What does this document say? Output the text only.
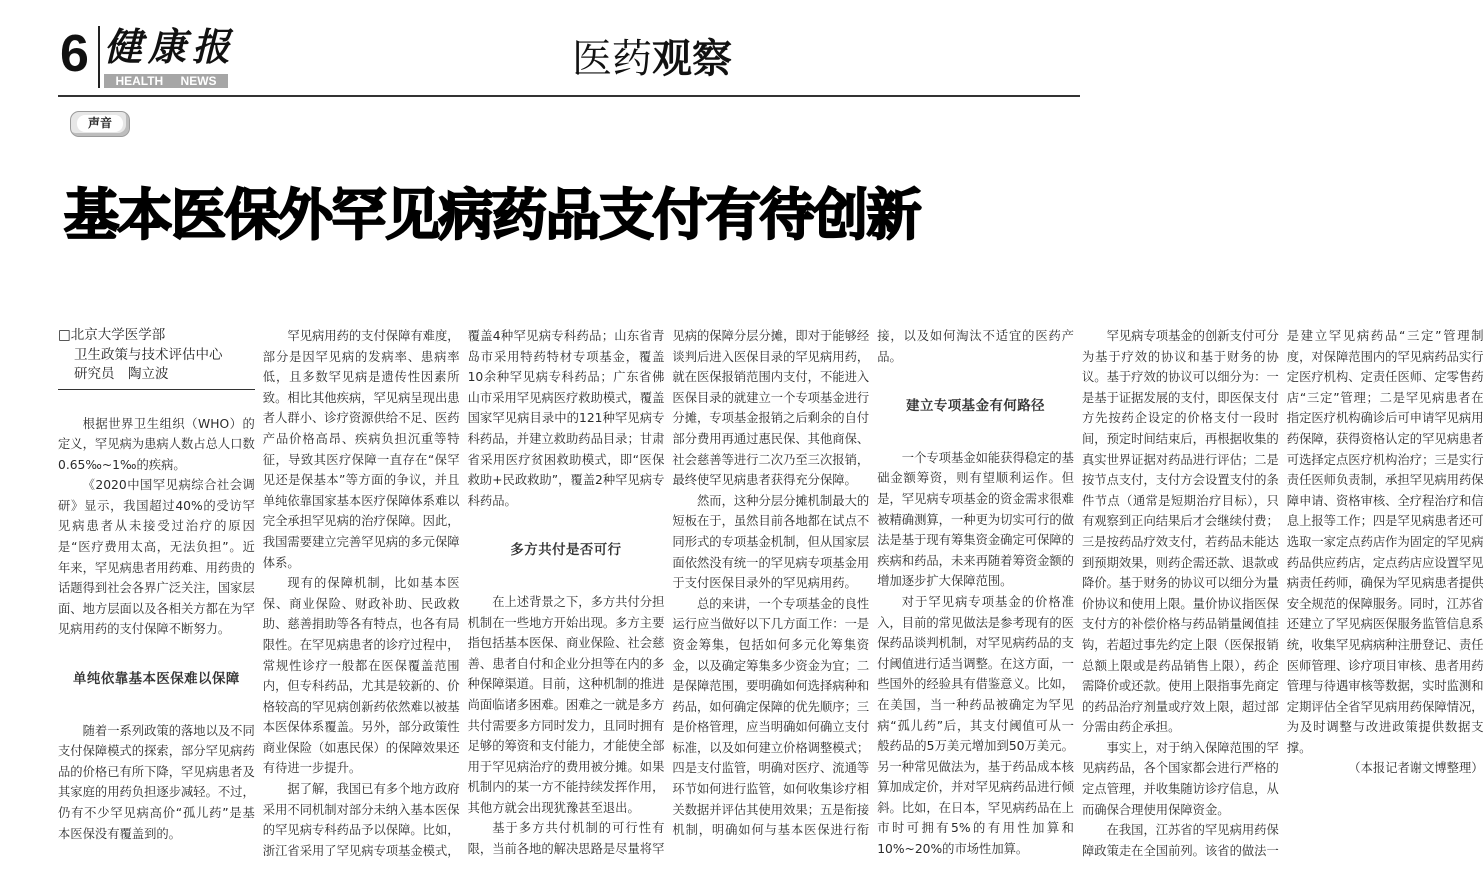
6 健康报
HEALTH NEWS	医药观察
声音
基本医保外罕见病药品支付有待创新
□北京大学医学部
卫生政策与技术评估中心
研究员　陶立波

根据世界卫生组织（WHO）的定义，罕见病为患病人数占总人口数0.65‰~1‰的疾病。

《2020中国罕见病综合社会调研》显示，我国超过40%的受访罕见病患者从未接受过治疗的原因是“医疗费用太高，无法负担”。近年来，罕见病患者用药难、用药贵的话题得到社会各界广泛关注，国家层面、地方层面以及各相关方都在为罕见病用药的支付保障不断努力。

单纯依靠基本医保难以保障

随着一系列政策的落地以及不同支付保障模式的探索，部分罕见病药品的价格已有所下降，罕见病患者及其家庭的用药负担逐步减轻。不过，仍有不少罕见病高价“孤儿药”是基本医保没有覆盖到的。

罕见病用药的支付保障有难度，部分是因罕见病的发病率、患病率低，且多数罕见病是遗传性因素所致。相比其他疾病，罕见病呈现出患者人群小、诊疗资源供给不足、医药产品价格高昂、疾病负担沉重等特征，导致其医疗保障一直存在“保罕见还是保基本”等方面的争议，并且单纯依靠国家基本医疗保障体系难以完全承担罕见病的治疗保障。因此，我国需要建立完善罕见病的多元保障体系。

现有的保障机制，比如基本医保、商业保险、财政补助、民政救助、慈善捐助等各有特点，也各有局限性。在罕见病患者的诊疗过程中，常规性诊疗一般都在医保覆盖范围内，但专科药品，尤其是较新的、价格较高的罕见病创新药依然难以被基本医保体系覆盖。另外，部分政策性商业保险（如惠民保）的保障效果还有待进一步提升。

据了解，我国已有多个地方政府采用不同机制对部分未纳入基本医保的罕见病专科药品予以保障。比如，浙江省采用了罕见病专项基金模式，覆盖4种罕见病专科药品；山东省青岛市采用特药特材专项基金，覆盖10余种罕见病专科药品；广东省佛山市采用罕见病医疗救助模式，覆盖国家罕见病目录中的121种罕见病专科药品，并建立救助药品目录；甘肃省采用医疗贫困救助模式，即“医保救助+民政救助”，覆盖2种罕见病专科药品。

多方共付是否可行

在上述背景之下，多方共付分担机制在一些地方开始出现。多方主要指包括基本医保、商业保险、社会慈善、患者自付和企业分担等在内的多种保障渠道。目前，这种机制的推进尚面临诸多困难。困难之一就是多方共付需要多方同时发力，且同时拥有足够的筹资和支付能力，才能使全部用于罕见病治疗的费用被分摊。如果机制内的某一方不能持续发挥作用，其他方就会出现犹豫甚至退出。

基于多方共付机制的可行性有限，当前各地的解决思路是尽量将罕见病的保障分层分摊，即对于能够经谈判后进入医保目录的罕见病用药，就在医保报销范围内支付，不能进入医保目录的就建立一个专项基金进行分摊，专项基金报销之后剩余的自付部分费用再通过惠民保、其他商保、社会慈善等进行二次乃至三次报销，最终使罕见病患者获得充分保障。

然而，这种分层分摊机制最大的短板在于，虽然目前各地都在试点不同形式的专项基金机制，但从国家层面依然没有统一的罕见病专项基金用于支付医保目录外的罕见病用药。

总的来讲，一个专项基金的良性运行应当做好以下几方面工作：一是资金筹集，包括如何多元化筹集资金，以及确定筹集多少资金为宜；二是保障范围，要明确如何选择病种和药品，如何确定保障的优先顺序；三是价格管理，应当明确如何确立支付标准，以及如何建立价格调整模式；四是支付监管，明确对医疗、流通等环节如何进行监管，如何收集诊疗相关数据并评估其使用效果；五是衔接机制，明确如何与基本医保进行衔接，以及如何淘汰不适宜的医药产品。

建立专项基金有何路径

一个专项基金如能获得稳定的基础金额筹资，则有望顺利运作。但是，罕见病专项基金的资金需求很难被精确测算，一种更为切实可行的做法是基于现有筹集资金确定可保障的疾病和药品，未来再随着筹资金额的增加逐步扩大保障范围。

对于罕见病专项基金的价格准入，目前的常见做法是参考现有的医保药品谈判机制，对罕见病药品的支付阈值进行适当调整。在这方面，一些国外的经验具有借鉴意义。比如，在美国，当一种药品被确定为罕见病“孤儿药”后，其支付阈值可从一般药品的5万美元增加到50万美元。另一种常见做法为，基于药品成本核算加成定价，并对罕见病药品进行倾斜。比如，在日本，罕见病药品在上市时可拥有5%的有用性加算和10%~20%的市场性加算。

罕见病专项基金的创新支付可分为基于疗效的协议和基于财务的协议。基于疗效的协议可以细分为：一是基于证据发展的支付，即医保支付方先按药企设定的价格支付一段时间，预定时间结束后，再根据收集的真实世界证据对药品进行评估；二是按节点支付，支付方会设置支付的条件节点（通常是短期治疗目标），只有观察到正向结果后才会继续付费；三是按药品疗效支付，若药品未能达到预期效果，则药企需还款、退款或降价。基于财务的协议可以细分为量价协议和使用上限。量价协议指医保支付方的补偿价格与药品销量阈值挂钩，若超过事先约定上限（医保报销总额上限或是药品销售上限），药企需降价或还款。使用上限指事先商定的药品治疗剂量或疗效上限，超过部分需由药企承担。

事实上，对于纳入保障范围的罕见病药品，各个国家都会进行严格的定点管理，并收集随访诊疗信息，从而确保合理使用保障资金。

在我国，江苏省的罕见病用药保障政策走在全国前列。该省的做法一是建立罕见病药品“三定”管理制度，对保障范围内的罕见病药品实行定医疗机构、定责任医师、定零售药店“三定”管理；二是罕见病患者在指定医疗机构确诊后可申请罕见病用药保障，获得资格认定的罕见病患者可选择定点医疗机构治疗；三是实行责任医师负责制，承担罕见病用药保障申请、资格审核、全疗程治疗和信息上报等工作；四是罕见病患者还可选取一家定点药店作为固定的罕见病药品供应药店，定点药店应设置罕见病责任药师，确保为罕见病患者提供安全规范的保障服务。同时，江苏省还建立了罕见病医保服务监管信息系统，收集罕见病病种注册登记、责任医师管理、诊疗项目审核、患者用药管理与待遇审核等数据，实时监测和定期评估全省罕见病用药保障情况，为及时调整与改进政策提供数据支撑。

（本报记者谢文博整理）
